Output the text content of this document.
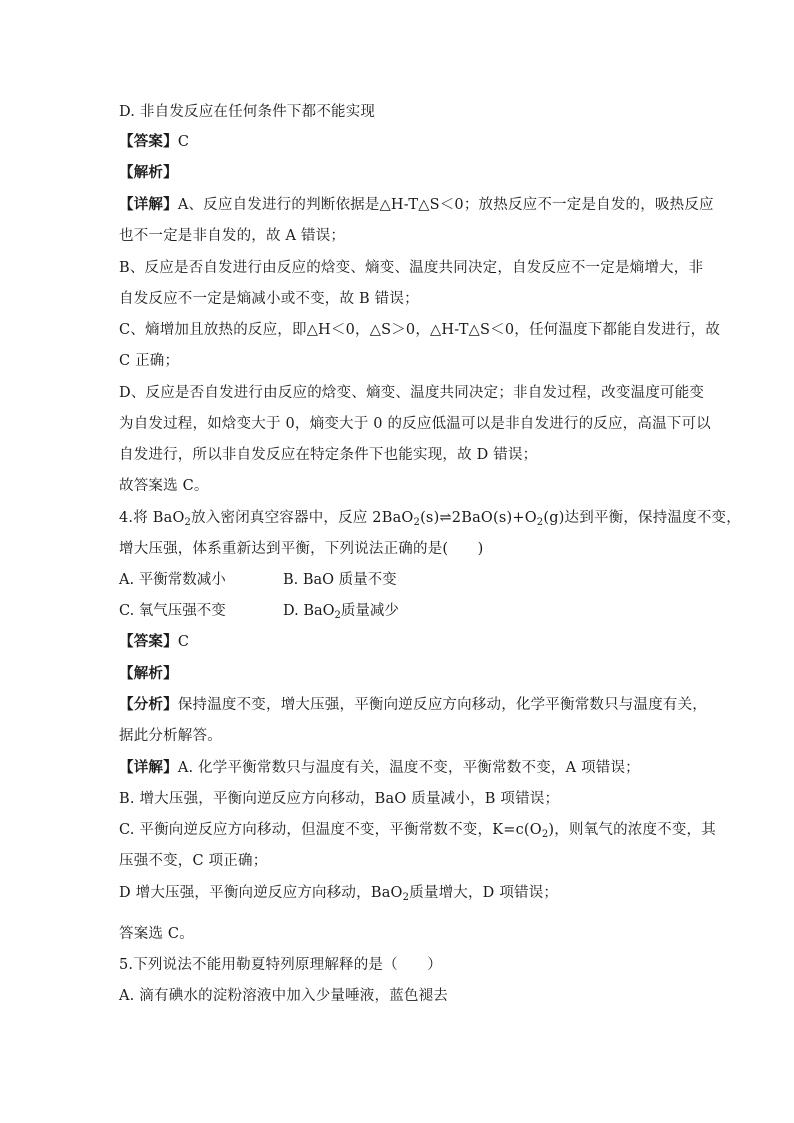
D. 非自发反应在任何条件下都不能实现
【答案】C
【解析】
【详解】A、反应自发进行的判断依据是△H-T△S＜0；放热反应不一定是自发的，吸热反应
也不一定是非自发的，故 A 错误；
B、反应是否自发进行由反应的焓变、熵变、温度共同决定，自发反应不一定是熵增大，非
自发反应不一定是熵减小或不变，故 B 错误；
C、熵增加且放热的反应，即△H＜0，△S＞0，△H-T△S＜0，任何温度下都能自发进行，故
C 正确；
D、反应是否自发进行由反应的焓变、熵变、温度共同决定；非自发过程，改变温度可能变
为自发过程，如焓变大于 0，熵变大于 0 的反应低温可以是非自发进行的反应，高温下可以
自发进行，所以非自发反应在特定条件下也能实现，故 D 错误；
故答案选 C。
4.将 BaO$_2$放入密闭真空容器中，反应 $2BaO_2(s)\rightleftharpoons 2BaO(s)+O_2(g)$达到平衡，保持温度不变，
增大压强，体系重新达到平衡，下列说法正确的是(　　)
A. 平衡常数减小	B. BaO 质量不变
C. 氧气压强不变	D. BaO$_2$质量减少
【答案】C
【解析】
【分析】保持温度不变，增大压强，平衡向逆反应方向移动，化学平衡常数只与温度有关，
据此分析解答。
【详解】A. 化学平衡常数只与温度有关，温度不变，平衡常数不变，A 项错误；
B. 增大压强，平衡向逆反应方向移动，BaO 质量减小，B 项错误；
C. 平衡向逆反应方向移动，但温度不变，平衡常数不变，$K=c(O_2)$，则氧气的浓度不变，其
压强不变，C 项正确；
D 增大压强，平衡向逆反应方向移动，BaO$_2$质量增大，D 项错误；
答案选 C。
5.下列说法不能用勒夏特列原理解释的是（　　）
A. 滴有碘水的淀粉溶液中加入少量唾液，蓝色褪去
